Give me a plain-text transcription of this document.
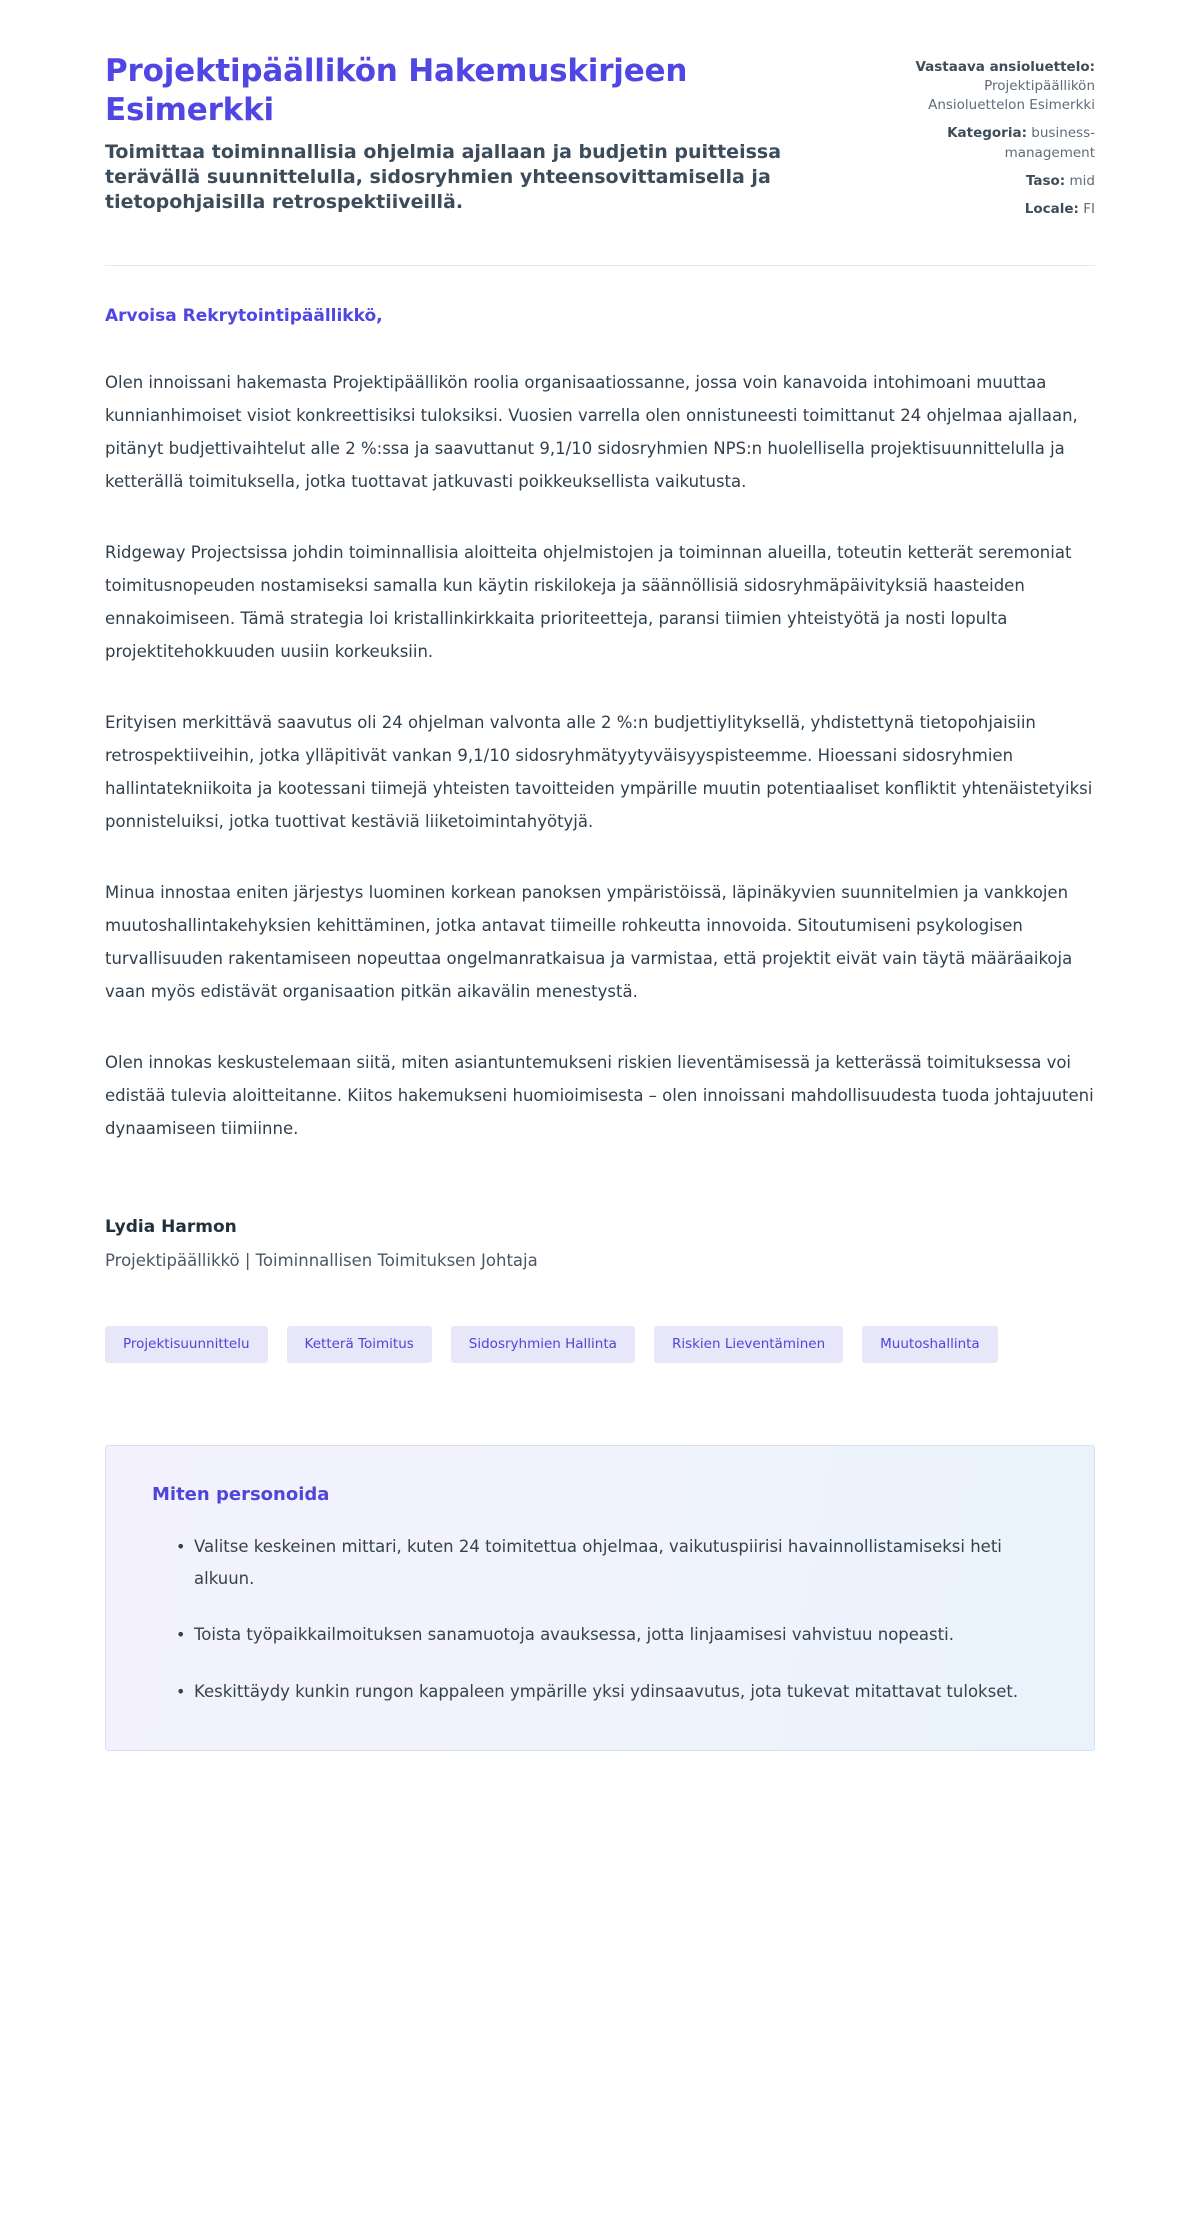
Projektipäällikön Hakemuskirjeen Esimerkki

Toimittaa toiminnallisia ohjelmia ajallaan ja budjetin puitteissa terävällä suunnittelulla, sidosryhmien yhteensovittamisella ja tietopohjaisilla retrospektiiveillä.

Vastaava ansioluettelo: Projektipäällikön Ansioluettelon Esimerkki
Kategoria: business-management
Taso: mid
Locale: FI

Arvoisa Rekrytointipäällikkö,

Olen innoissani hakemasta Projektipäällikön roolia organisaatiossanne, jossa voin kanavoida intohimoani muuttaa kunnianhimoiset visiot konkreettisiksi tuloksiksi. Vuosien varrella olen onnistuneesti toimittanut 24 ohjelmaa ajallaan, pitänyt budjettivaihtelut alle 2 %:ssa ja saavuttanut 9,1/10 sidosryhmien NPS:n huolellisella projektisuunnittelulla ja ketterällä toimituksella, jotka tuottavat jatkuvasti poikkeuksellista vaikutusta.

Ridgeway Projectsissa johdin toiminnallisia aloitteita ohjelmistojen ja toiminnan alueilla, toteutin ketterät seremoniat toimitusnopeuden nostamiseksi samalla kun käytin riskilokeja ja säännöllisiä sidosryhmäpäivityksiä haasteiden ennakoimiseen. Tämä strategia loi kristallinkirkkaita prioriteetteja, paransi tiimien yhteistyötä ja nosti lopulta projektitehokkuuden uusiin korkeuksiin.

Erityisen merkittävä saavutus oli 24 ohjelman valvonta alle 2 %:n budjettiylityksellä, yhdistettynä tietopohjaisiin retrospektiiveihin, jotka ylläpitivät vankan 9,1/10 sidosryhmätyytyväisyyspisteemme. Hioessani sidosryhmien hallintatekniikoita ja kootessani tiimejä yhteisten tavoitteiden ympärille muutin potentiaaliset konfliktit yhtenäistetyiksi ponnisteluiksi, jotka tuottivat kestäviä liiketoimintahyötyjä.

Minua innostaa eniten järjestys luominen korkean panoksen ympäristöissä, läpinäkyvien suunnitelmien ja vankkojen muutoshallintakehyksien kehittäminen, jotka antavat tiimeille rohkeutta innovoida. Sitoutumiseni psykologisen turvallisuuden rakentamiseen nopeuttaa ongelmanratkaisua ja varmistaa, että projektit eivät vain täytä määräaikoja vaan myös edistävät organisaation pitkän aikavälin menestystä.

Olen innokas keskustelemaan siitä, miten asiantuntemukseni riskien lieventämisessä ja ketterässä toimituksessa voi edistää tulevia aloitteitanne. Kiitos hakemukseni huomioimisesta – olen innoissani mahdollisuudesta tuoda johtajuuteni dynaamiseen tiimiinne.

Lydia Harmon

Projektipäällikkö | Toiminnallisen Toimituksen Johtaja

Projektisuunnittelu	Ketterä Toimitus	Sidosryhmien Hallinta	Riskien Lieventäminen	Muutoshallinta
Miten personoida
• Valitse keskeinen mittari, kuten 24 toimitettua ohjelmaa, vaikutuspiirisi havainnollistamiseksi heti alkuun.
• Toista työpaikkailmoituksen sanamuotoja avauksessa, jotta linjaamisesi vahvistuu nopeasti.
• Keskittäydy kunkin rungon kappaleen ympärille yksi ydinsaavutus, jota tukevat mitattavat tulokset.
